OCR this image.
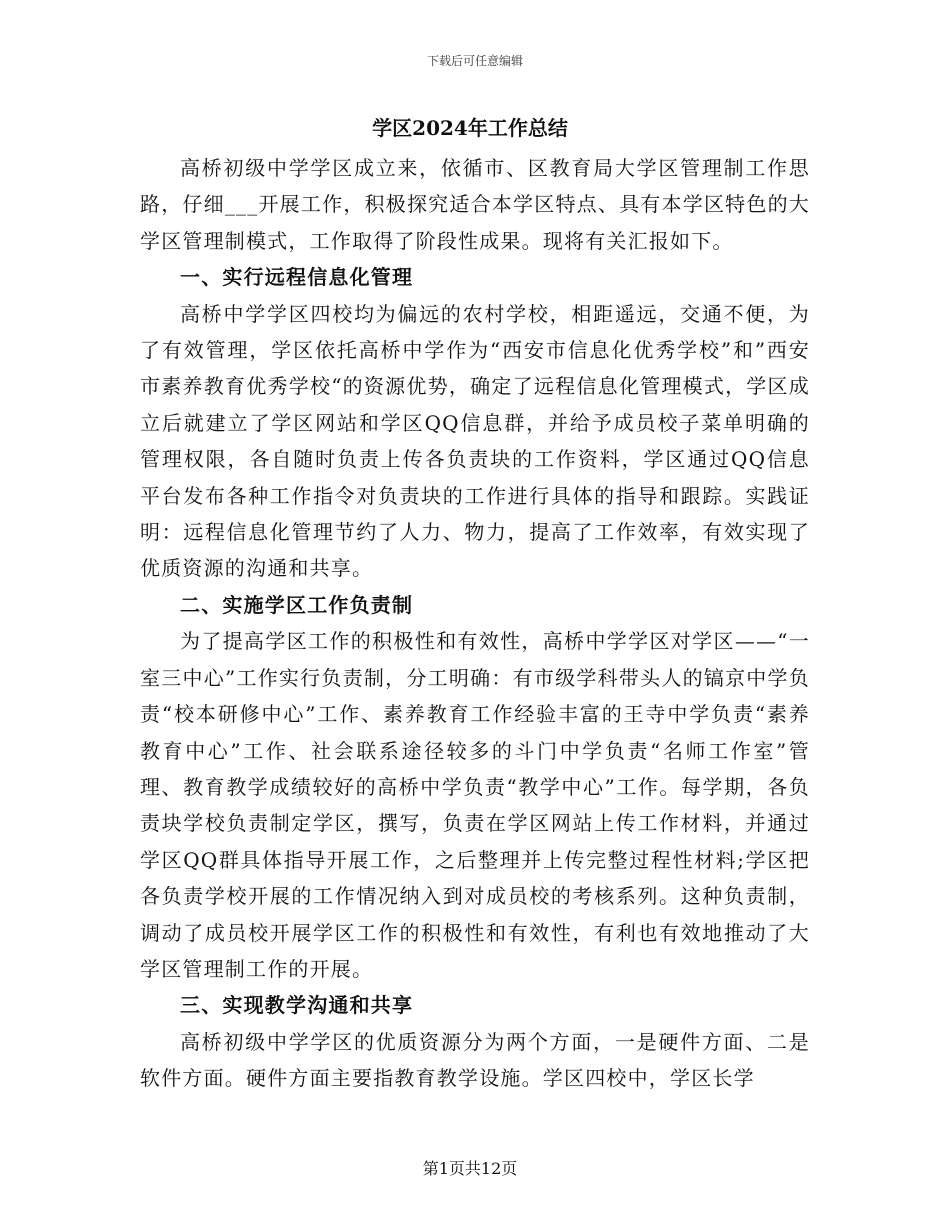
下载后可任意编辑
学区2024年工作总结

高桥初级中学学区成立来，依循市、区教育局大学区管理制工作思路，仔细___开展工作，积极探究适合本学区特点、具有本学区特色的大学区管理制模式，工作取得了阶段性成果。现将有关汇报如下。

一、实行远程信息化管理

高桥中学学区四校均为偏远的农村学校，相距遥远，交通不便，为了有效管理，学区依托高桥中学作为“西安市信息化优秀学校”和”西安市素养教育优秀学校“的资源优势，确定了远程信息化管理模式，学区成立后就建立了学区网站和学区QQ信息群，并给予成员校子菜单明确的管理权限，各自随时负责上传各负责块的工作资料，学区通过QQ信息平台发布各种工作指令对负责块的工作进行具体的指导和跟踪。实践证明：远程信息化管理节约了人力、物力，提高了工作效率，有效实现了优质资源的沟通和共享。

二、实施学区工作负责制

为了提高学区工作的积极性和有效性，高桥中学学区对学区——“一室三中心”工作实行负责制，分工明确：有市级学科带头人的镐京中学负责“校本研修中心”工作、素养教育工作经验丰富的王寺中学负责“素养教育中心”工作、社会联系途径较多的斗门中学负责“名师工作室”管理、教育教学成绩较好的高桥中学负责“教学中心”工作。每学期，各负责块学校负责制定学区，撰写，负责在学区网站上传工作材料，并通过学区QQ群具体指导开展工作，之后整理并上传完整过程性材料;学区把各负责学校开展的工作情况纳入到对成员校的考核系列。这种负责制，调动了成员校开展学区工作的积极性和有效性，有利也有效地推动了大学区管理制工作的开展。

三、实现教学沟通和共享

高桥初级中学学区的优质资源分为两个方面，一是硬件方面、二是软件方面。硬件方面主要指教育教学设施。学区四校中，学区长学

第1页共12页
